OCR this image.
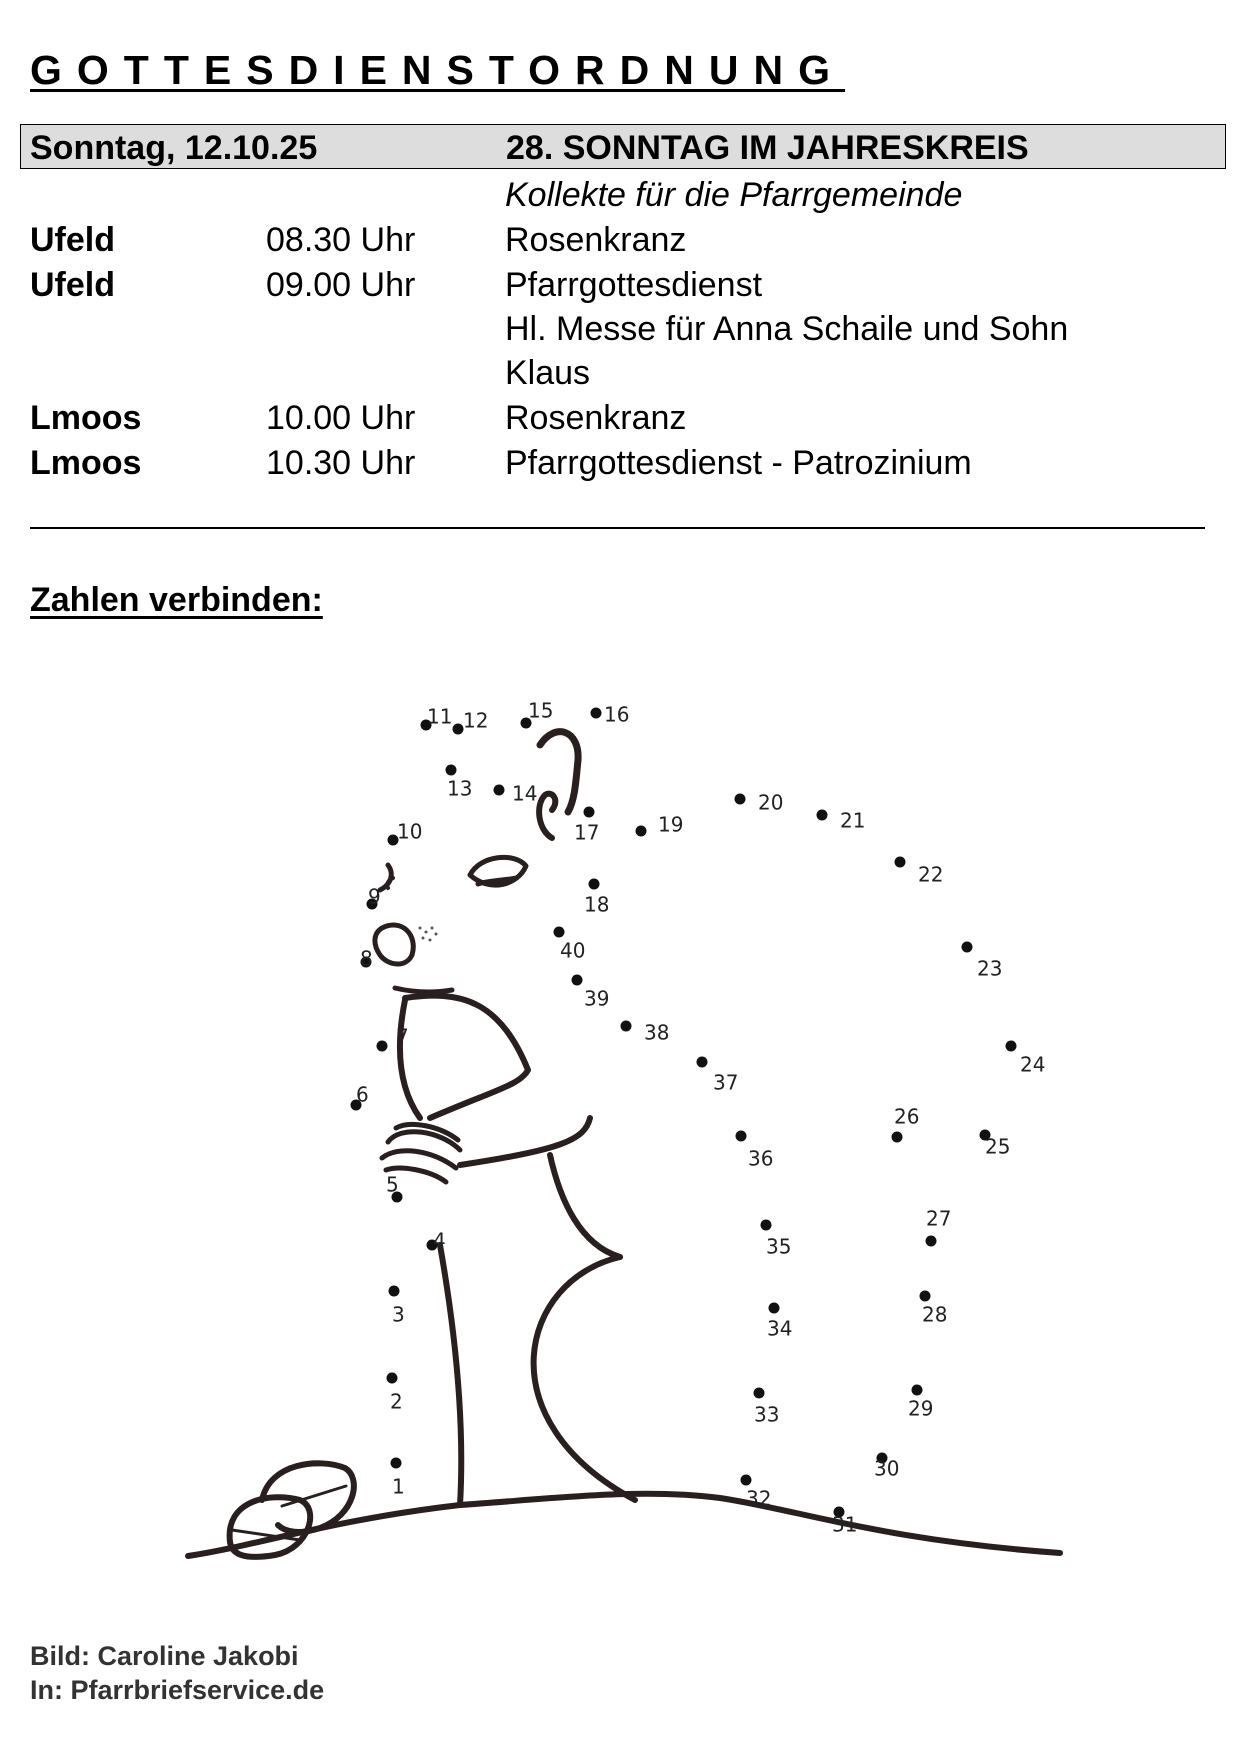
GOTTESDIENSTORDNUNG
Sonntag, 12.10.25	28. SONNTAG IM JAHRESKREIS
Kollekte für die Pfarrgemeinde
Ufeld	08.30 Uhr	Rosenkranz
Ufeld	09.00 Uhr	Pfarrgottesdienst
Hl. Messe für Anna Schaile und Sohn
Klaus
Lmoos	10.00 Uhr	Rosenkranz
Lmoos	10.30 Uhr	Pfarrgottesdienst - Patrozinium
Zahlen verbinden:
1
2
3
4
5
6
7
8
9
10
11 12
13 14
15	16
17
18
19
20
21
22
23
24
25
26
27
28
29
30
31
32
33
34
35
36
37
38
39
40
Bild: Caroline Jakobi
In: Pfarrbriefservice.de
